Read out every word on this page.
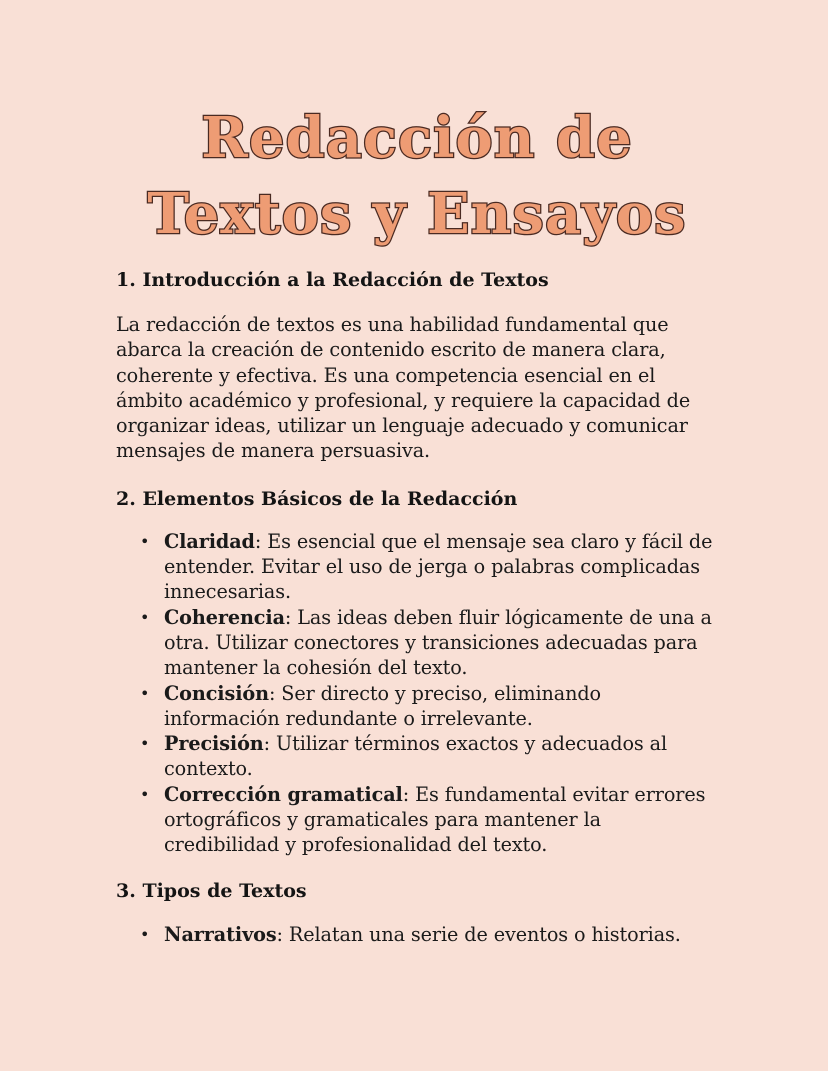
Redacción de
Textos y Ensayos
1. Introducción a la Redacción de Textos

La redacción de textos es una habilidad fundamental que abarca la creación de contenido escrito de manera clara, coherente y efectiva. Es una competencia esencial en el ámbito académico y profesional, y requiere la capacidad de organizar ideas, utilizar un lenguaje adecuado y comunicar mensajes de manera persuasiva.

2. Elementos Básicos de la Redacción
• Claridad: Es esencial que el mensaje sea claro y fácil de entender. Evitar el uso de jerga o palabras complicadas innecesarias.
• Coherencia: Las ideas deben fluir lógicamente de una a otra. Utilizar conectores y transiciones adecuadas para mantener la cohesión del texto.
• Concisión: Ser directo y preciso, eliminando información redundante o irrelevante.
• Precisión: Utilizar términos exactos y adecuados al contexto.
• Corrección gramatical: Es fundamental evitar errores ortográficos y gramaticales para mantener la credibilidad y profesionalidad del texto.
3. Tipos de Textos
• Narrativos: Relatan una serie de eventos o historias.
